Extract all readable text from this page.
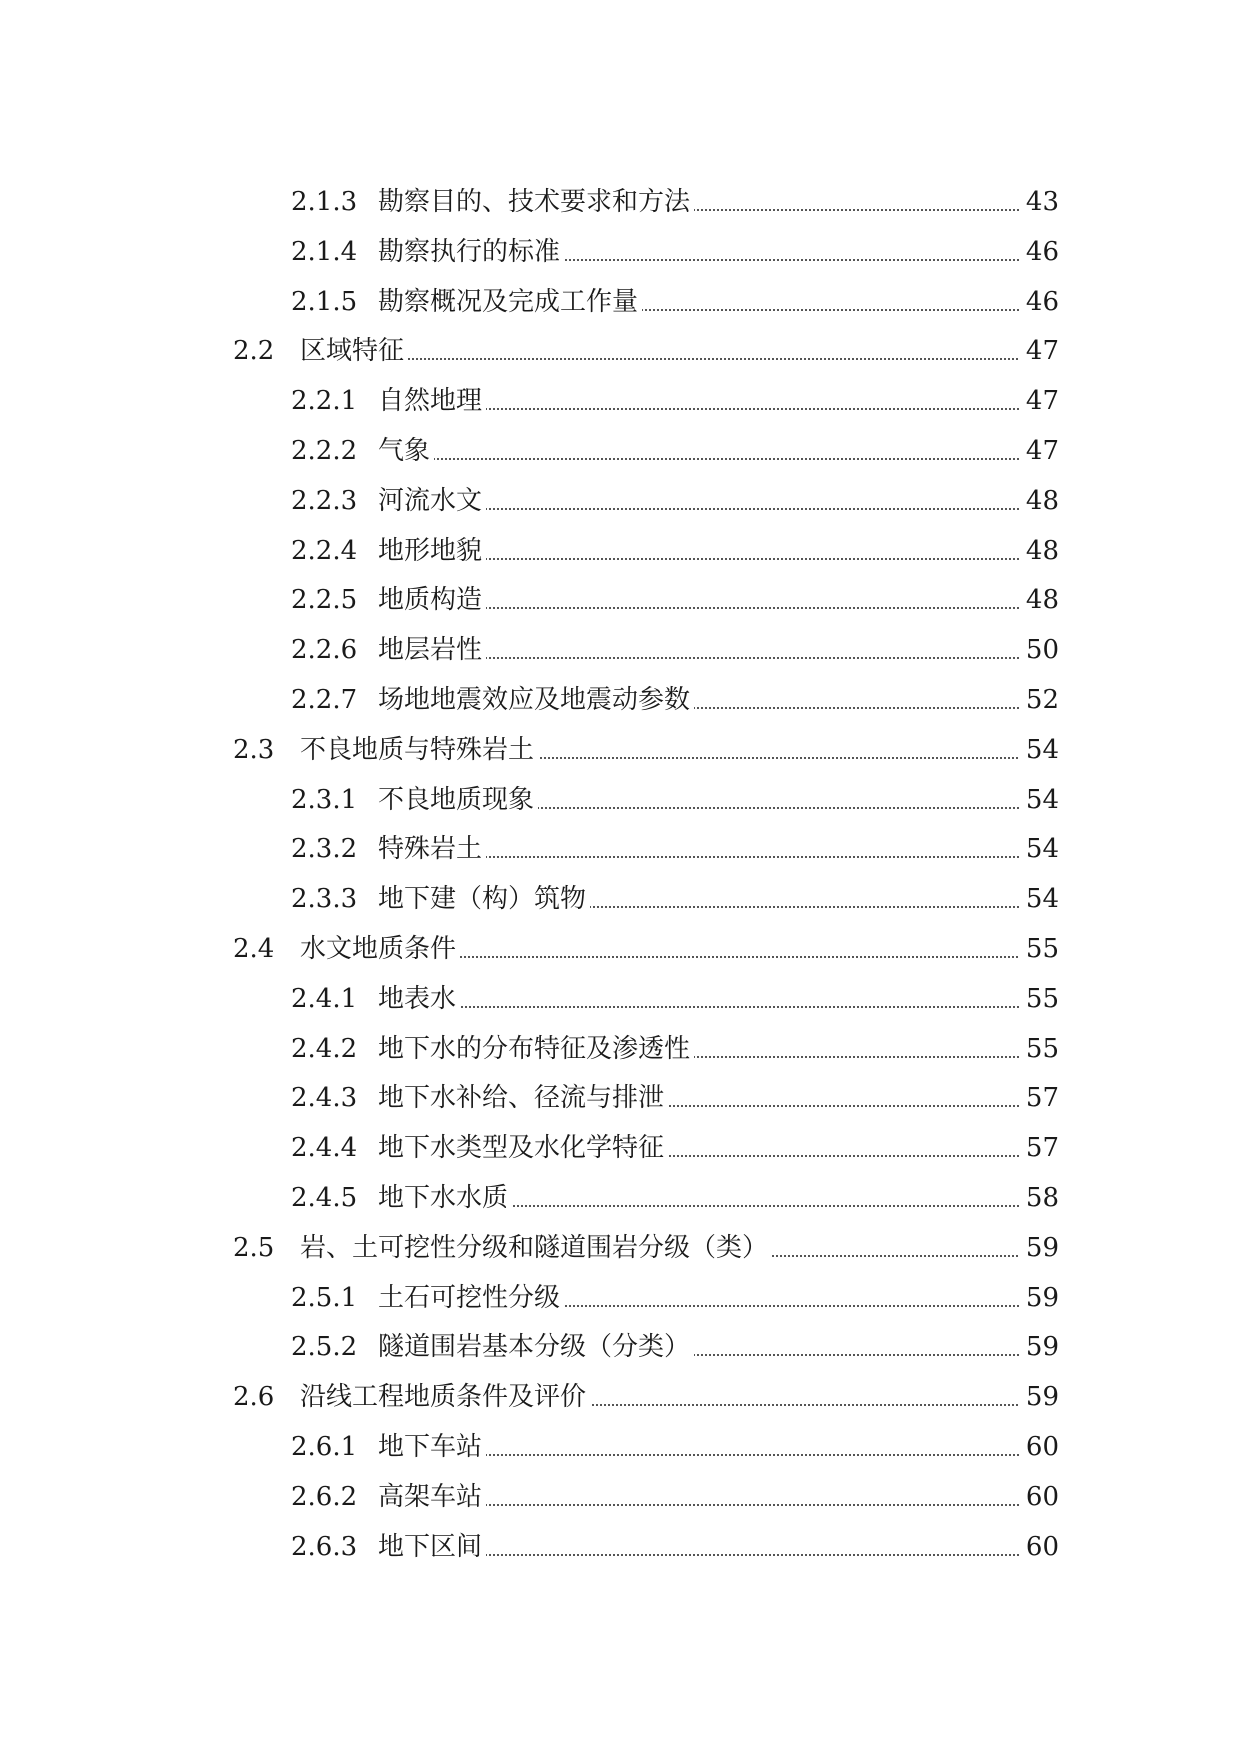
2.1.3 勘察目的、技术要求和方法	43
2.1.4 勘察执行的标准	46
2.1.5 勘察概况及完成工作量	46
2.2 区域特征	47
2.2.1 自然地理	47
2.2.2 气象	47
2.2.3 河流水文	48
2.2.4 地形地貌	48
2.2.5 地质构造	48
2.2.6 地层岩性	50
2.2.7 场地地震效应及地震动参数	52
2.3 不良地质与特殊岩土	54
2.3.1 不良地质现象	54
2.3.2 特殊岩土	54
2.3.3 地下建（构）筑物	54
2.4 水文地质条件	55
2.4.1 地表水	55
2.4.2 地下水的分布特征及渗透性	55
2.4.3 地下水补给、径流与排泄	57
2.4.4 地下水类型及水化学特征	57
2.4.5 地下水水质	58
2.5 岩、土可挖性分级和隧道围岩分级（类）	59
2.5.1 土石可挖性分级	59
2.5.2 隧道围岩基本分级（分类）	59
2.6 沿线工程地质条件及评价	59
2.6.1 地下车站	60
2.6.2 高架车站	60
2.6.3 地下区间	60
